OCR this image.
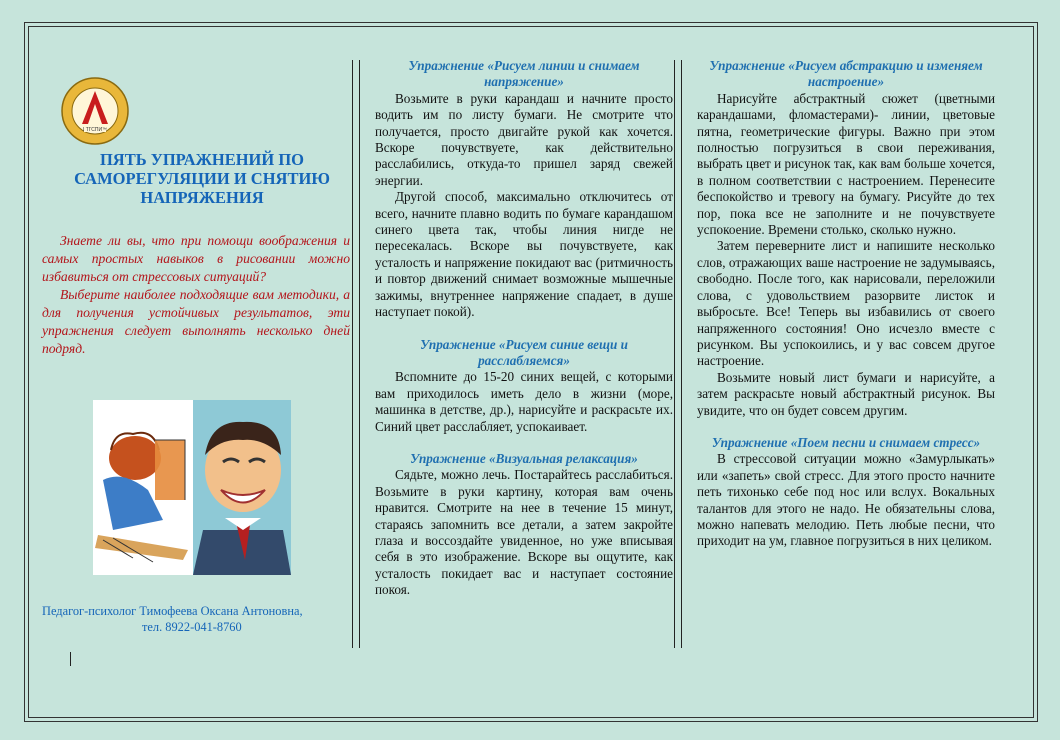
I ТГСПИ™
ПЯТЬ УПРАЖНЕНИЙ ПО САМОРЕГУЛЯЦИИ И СНЯТИЮ НАПРЯЖЕНИЯ

Знаете ли вы, что при помощи воображения и самых простых навыков в рисовании можно избавиться от стрессовых ситуаций?

Выберите наиболее подходящие вам методики, а для получения устойчивых результатов, эти упражнения следует выполнять несколько дней подряд.

Педагог-психолог Тимофеева Оксана Антоновна,
тел. 8922-041-8760

Упражнение «Рисуем линии и снимаем напряжение»

Возьмите в руки карандаш и начните просто водить им по листу бумаги. Не смотрите что получается, просто двигайте рукой как хочется. Вскоре почувствуете, как действительно расслабились, откуда-то пришел заряд свежей энергии.

Другой способ, максимально отключитесь от всего, начните плавно водить по бумаге карандашом синего цвета так, чтобы линия нигде не пересекалась. Вскоре вы почувствуете, как усталость и напряжение покидают вас (ритмичность и повтор движений снимает возможные мышечные зажимы, внутреннее напряжение спадает, в душе наступает покой).

Упражнение «Рисуем синие вещи и расслабляемся»

Вспомните до 15-20 синих вещей, с которыми вам приходилось иметь дело в жизни (море, машинка в детстве, др.), нарисуйте и раскрасьте их. Синий цвет расслабляет, успокаивает.

Упражнение «Визуальная релаксация»

Сядьте, можно лечь. Постарайтесь расслабиться. Возьмите в руки картину, которая вам очень нравится. Смотрите на нее в течение 15 минут, стараясь запомнить все детали, а затем закройте глаза и воссоздайте увиденное, но уже вписывая себя в это изображение. Вскоре вы ощутите, как усталость покидает вас и наступает состояние покоя.

Упражнение «Рисуем абстракцию и изменяем настроение»

Нарисуйте абстрактный сюжет (цветными карандашами, фломастерами)- линии, цветовые пятна, геометрические фигуры. Важно при этом полностью погрузиться в свои переживания, выбрать цвет и рисунок так, как вам больше хочется, в полном соответствии с настроением. Перенесите беспокойство и тревогу на бумагу. Рисуйте до тех пор, пока все не заполните и не почувствуете успокоение. Времени столько, сколько нужно.

Затем переверните лист и напишите несколько слов, отражающих ваше настроение не задумываясь, свободно. После того, как нарисовали, переложили слова, с удовольствием разорвите листок и выбросьте. Все! Теперь вы избавились от своего напряженного состояния! Оно исчезло вместе с рисунком. Вы успокоились, и у вас совсем другое настроение.

Возьмите новый лист бумаги и нарисуйте, а затем раскрасьте новый абстрактный рисунок. Вы увидите, что он будет совсем другим.

Упражнение «Поем песни и снимаем стресс»

В стрессовой ситуации можно «Замурлыкать» или «запеть» свой стресс. Для этого просто начните петь тихонько себе под нос или вслух. Вокальных талантов для этого не надо. Не обязательны слова, можно напевать мелодию. Петь любые песни, что приходит на ум, главное погрузиться в них целиком.
